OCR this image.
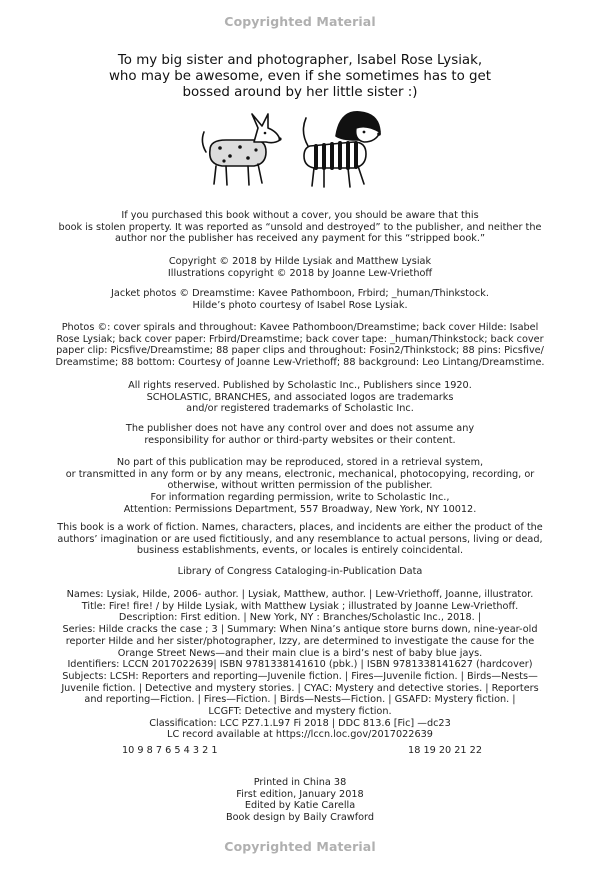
Copyrighted Material
To my big sister and photographer, Isabel Rose Lysiak,
who may be awesome, even if she sometimes has to get
bossed around by her little sister :)
If you purchased this book without a cover, you should be aware that this
book is stolen property. It was reported as “unsold and destroyed” to the publisher, and neither the
author nor the publisher has received any payment for this “stripped book.”
Copyright © 2018 by Hilde Lysiak and Matthew Lysiak
Illustrations copyright © 2018 by Joanne Lew-Vriethoff
Jacket photos © Dreamstime: Kavee Pathomboon, Frbird; _human/Thinkstock.
Hilde’s photo courtesy of Isabel Rose Lysiak.
Photos ©: cover spirals and throughout: Kavee Pathomboon/Dreamstime; back cover Hilde: Isabel
Rose Lysiak; back cover paper: Frbird/Dreamstime; back cover tape: _human/Thinkstock; back cover
paper clip: Picsfive/Dreamstime; 88 paper clips and throughout: Fosin2/Thinkstock; 88 pins: Picsfive/
Dreamstime; 88 bottom: Courtesy of Joanne Lew-Vriethoff; 88 background: Leo Lintang/Dreamstime.
All rights reserved. Published by Scholastic Inc., Publishers since 1920.
SCHOLASTIC, BRANCHES, and associated logos are trademarks
and/or registered trademarks of Scholastic Inc.
The publisher does not have any control over and does not assume any
responsibility for author or third-party websites or their content.
No part of this publication may be reproduced, stored in a retrieval system,
or transmitted in any form or by any means, electronic, mechanical, photocopying, recording, or
otherwise, without written permission of the publisher.
For information regarding permission, write to Scholastic Inc.,
Attention: Permissions Department, 557 Broadway, New York, NY 10012.
This book is a work of fiction. Names, characters, places, and incidents are either the product of the
authors’ imagination or are used fictitiously, and any resemblance to actual persons, living or dead,
business establishments, events, or locales is entirely coincidental.
Library of Congress Cataloging-in-Publication Data
Names: Lysiak, Hilde, 2006- author. | Lysiak, Matthew, author. | Lew-Vriethoff, Joanne, illustrator.
Title: Fire! fire! / by Hilde Lysiak, with Matthew Lysiak ; illustrated by Joanne Lew-Vriethoff.
Description: First edition. | New York, NY : Branches/Scholastic Inc., 2018. |
Series: Hilde cracks the case ; 3 | Summary: When Nina’s antique store burns down, nine-year-old
reporter Hilde and her sister/photographer, Izzy, are determined to investigate the cause for the
Orange Street News—and their main clue is a bird’s nest of baby blue jays.
Identifiers: LCCN 2017022639| ISBN 9781338141610 (pbk.) | ISBN 9781338141627 (hardcover)
Subjects: LCSH: Reporters and reporting—Juvenile fiction. | Fires—Juvenile fiction. | Birds—Nests—
Juvenile fiction. | Detective and mystery stories. | CYAC: Mystery and detective stories. | Reporters
and reporting—Fiction. | Fires—Fiction. | Birds—Nests—Fiction. | GSAFD: Mystery fiction. |
LCGFT: Detective and mystery fiction.
Classification: LCC PZ7.1.L97 Fi 2018 | DDC 813.6 [Fic] —dc23
LC record available at https://lccn.loc.gov/2017022639
10 9 8 7 6 5 4 3 2 1	18 19 20 21 22
Printed in China 38
First edition, January 2018
Edited by Katie Carella
Book design by Baily Crawford
Copyrighted Material
